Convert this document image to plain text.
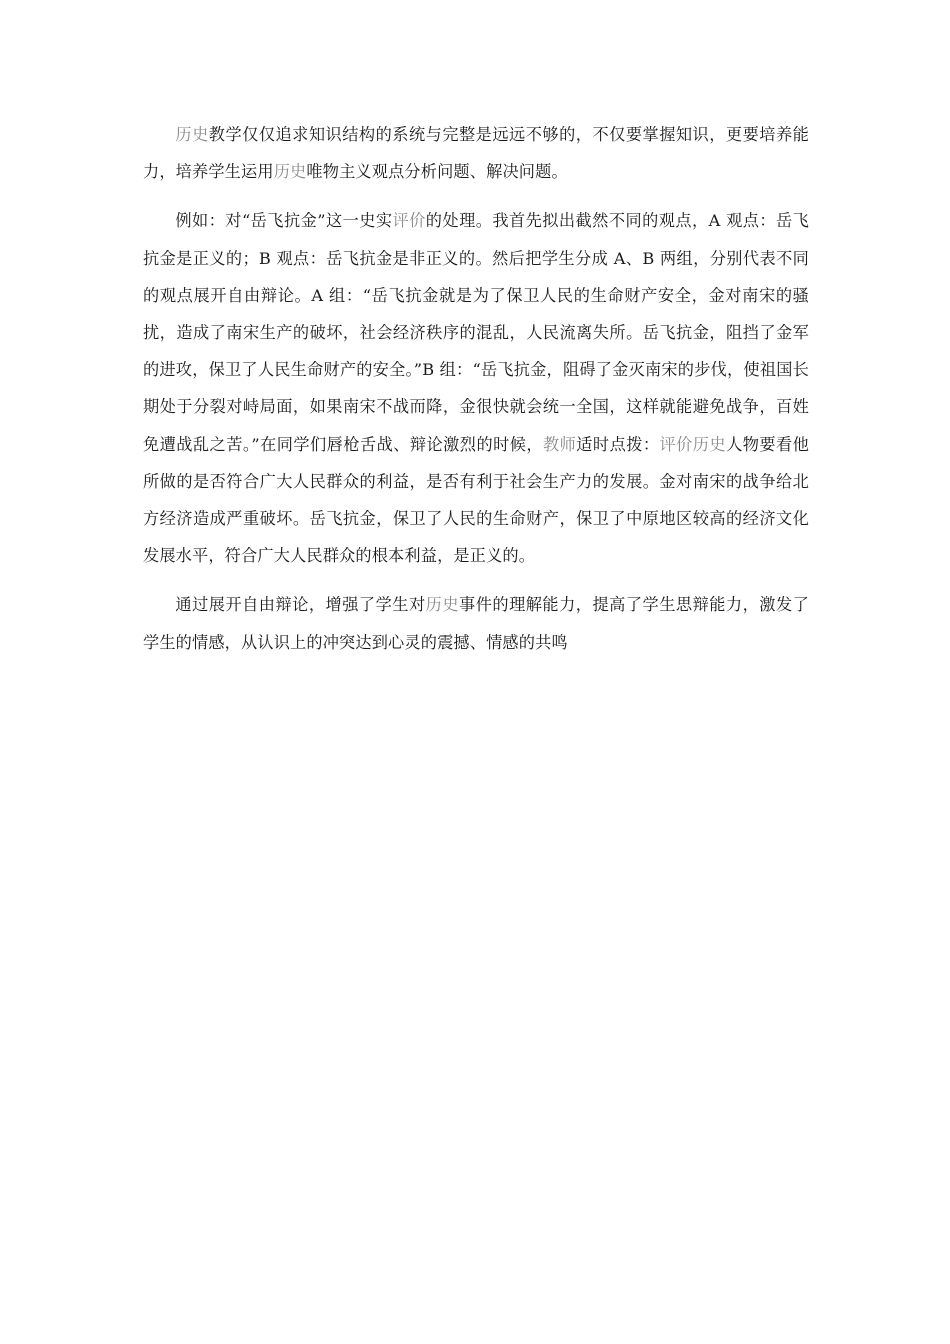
历史教学仅仅追求知识结构的系统与完整是远远不够的，不仅要掌握知识，更要培养能力，培养学生运用历史唯物主义观点分析问题、解决问题。

例如：对“岳飞抗金”这一史实评价的处理。我首先拟出截然不同的观点，A 观点：岳飞抗金是正义的；B 观点：岳飞抗金是非正义的。然后把学生分成 A、B 两组，分别代表不同的观点展开自由辩论。A 组：“岳飞抗金就是为了保卫人民的生命财产安全，金对南宋的骚扰，造成了南宋生产的破坏，社会经济秩序的混乱，人民流离失所。岳飞抗金，阻挡了金军的进攻，保卫了人民生命财产的安全。”B 组：“岳飞抗金，阻碍了金灭南宋的步伐，使祖国长期处于分裂对峙局面，如果南宋不战而降，金很快就会统一全国，这样就能避免战争，百姓免遭战乱之苦。”在同学们唇枪舌战、辩论激烈的时候，教师适时点拨：评价历史人物要看他所做的是否符合广大人民群众的利益，是否有利于社会生产力的发展。金对南宋的战争给北方经济造成严重破坏。岳飞抗金，保卫了人民的生命财产，保卫了中原地区较高的经济文化发展水平，符合广大人民群众的根本利益，是正义的。

通过展开自由辩论，增强了学生对历史事件的理解能力，提高了学生思辩能力，激发了学生的情感，从认识上的冲突达到心灵的震撼、情感的共鸣
